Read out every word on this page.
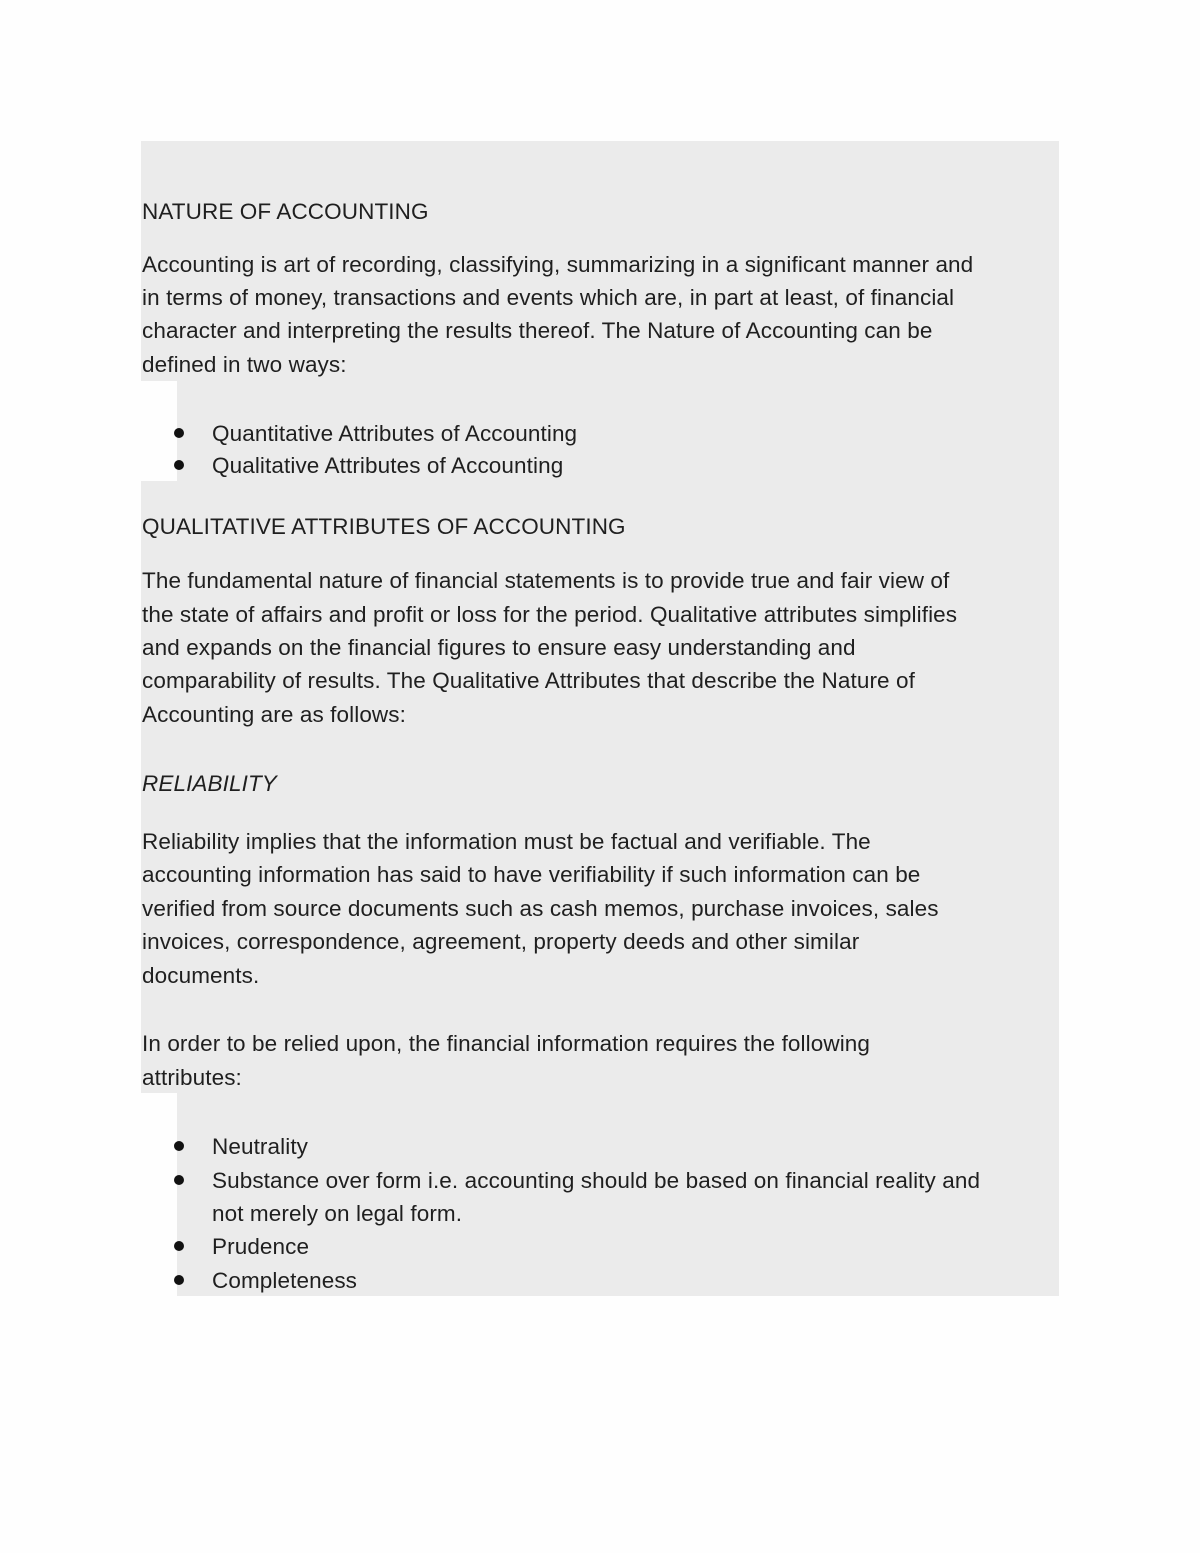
NATURE OF ACCOUNTING
Accounting is art of recording, classifying, summarizing in a significant manner and
in terms of money, transactions and events which are, in part at least, of financial
character and interpreting the results thereof. The Nature of Accounting can be
defined in two ways:
Quantitative Attributes of Accounting
Qualitative Attributes of Accounting
QUALITATIVE ATTRIBUTES OF ACCOUNTING
The fundamental nature of financial statements is to provide true and fair view of
the state of affairs and profit or loss for the period. Qualitative attributes simplifies
and expands on the financial figures to ensure easy understanding and
comparability of results. The Qualitative Attributes that describe the Nature of
Accounting are as follows:
RELIABILITY
Reliability implies that the information must be factual and verifiable. The
accounting information has said to have verifiability if such information can be
verified from source documents such as cash memos, purchase invoices, sales
invoices, correspondence, agreement, property deeds and other similar
documents.
In order to be relied upon, the financial information requires the following
attributes:
Neutrality
Substance over form i.e. accounting should be based on financial reality and
not merely on legal form.
Prudence
Completeness
